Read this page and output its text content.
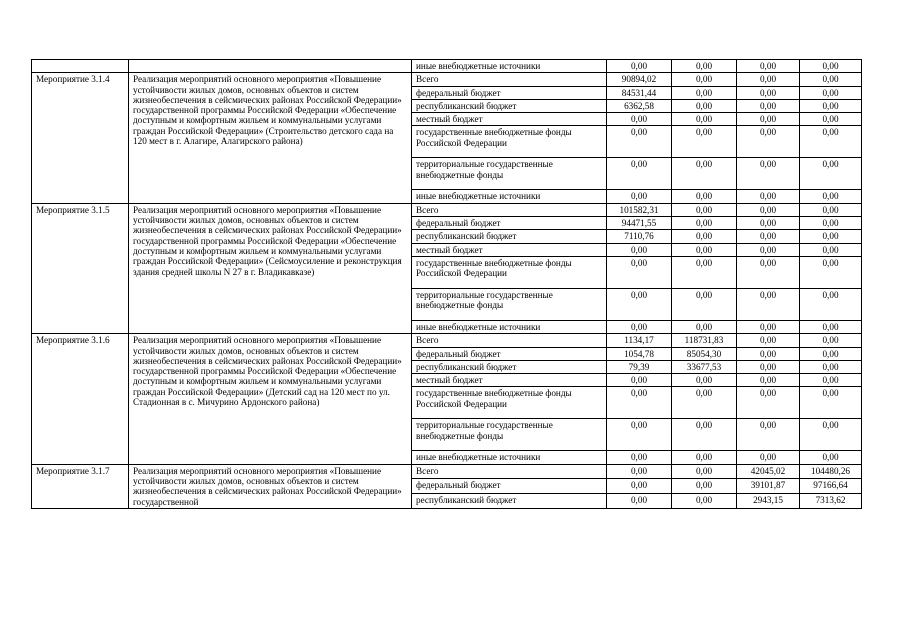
		иные внебюджетные источники	0,00	0,00	0,00	0,00
Мероприятие 3.1.4	Реализация мероприятий основного мероприятия «Повышение устойчивости жилых домов, основных объектов и систем жизнеобеспечения в сейсмических районах Российской Федерации» государственной программы Российской Федерации «Обеспечение доступным и комфортным жильем и коммунальными услугами граждан Российской Федерации» (Строительство детского сада на 120 мест в г. Алагире, Алагирского района)	Всего	90894,02	0,00	0,00	0,00
		федеральный бюджет	84531,44	0,00	0,00	0,00
		республиканский бюджет	6362,58	0,00	0,00	0,00
		местный бюджет	0,00	0,00	0,00	0,00
		государственные внебюджетные фонды Российской Федерации	0,00	0,00	0,00	0,00
		территориальные государственные внебюджетные фонды	0,00	0,00	0,00	0,00
		иные внебюджетные источники	0,00	0,00	0,00	0,00
Мероприятие 3.1.5	Реализация мероприятий основного мероприятия «Повышение устойчивости жилых домов, основных объектов и систем жизнеобеспечения в сейсмических районах Российской Федерации» государственной программы Российской Федерации «Обеспечение доступным и комфортным жильем и коммунальными услугами граждан Российской Федерации» (Сейсмоусиление и реконструкция здания средней школы N 27 в г. Владикавказе)	Всего	101582,31	0,00	0,00	0,00
		федеральный бюджет	94471,55	0,00	0,00	0,00
		республиканский бюджет	7110,76	0,00	0,00	0,00
		местный бюджет	0,00	0,00	0,00	0,00
		государственные внебюджетные фонды Российской Федерации	0,00	0,00	0,00	0,00
		территориальные государственные внебюджетные фонды	0,00	0,00	0,00	0,00
		иные внебюджетные источники	0,00	0,00	0,00	0,00
Мероприятие 3.1.6	Реализация мероприятий основного мероприятия «Повышение устойчивости жилых домов, основных объектов и систем жизнеобеспечения в сейсмических районах Российской Федерации» государственной программы Российской Федерации «Обеспечение доступным и комфортным жильем и коммунальными услугами граждан Российской Федерации» (Детский сад на 120 мест по ул. Стадионная в с. Мичурино Ардонского района)	Всего	1134,17	118731,83	0,00	0,00
		федеральный бюджет	1054,78	85054,30	0,00	0,00
		республиканский бюджет	79,39	33677,53	0,00	0,00
		местный бюджет	0,00	0,00	0,00	0,00
		государственные внебюджетные фонды Российской Федерации	0,00	0,00	0,00	0,00
		территориальные государственные внебюджетные фонды	0,00	0,00	0,00	0,00
		иные внебюджетные источники	0,00	0,00	0,00	0,00
Мероприятие 3.1.7	Реализация мероприятий основного мероприятия «Повышение устойчивости жилых домов, основных объектов и систем жизнеобеспечения в сейсмических районах Российской Федерации» государственной	Всего	0,00	0,00	42045,02	104480,26
		федеральный бюджет	0,00	0,00	39101,87	97166,64
		республиканский бюджет	0,00	0,00	2943,15	7313,62
